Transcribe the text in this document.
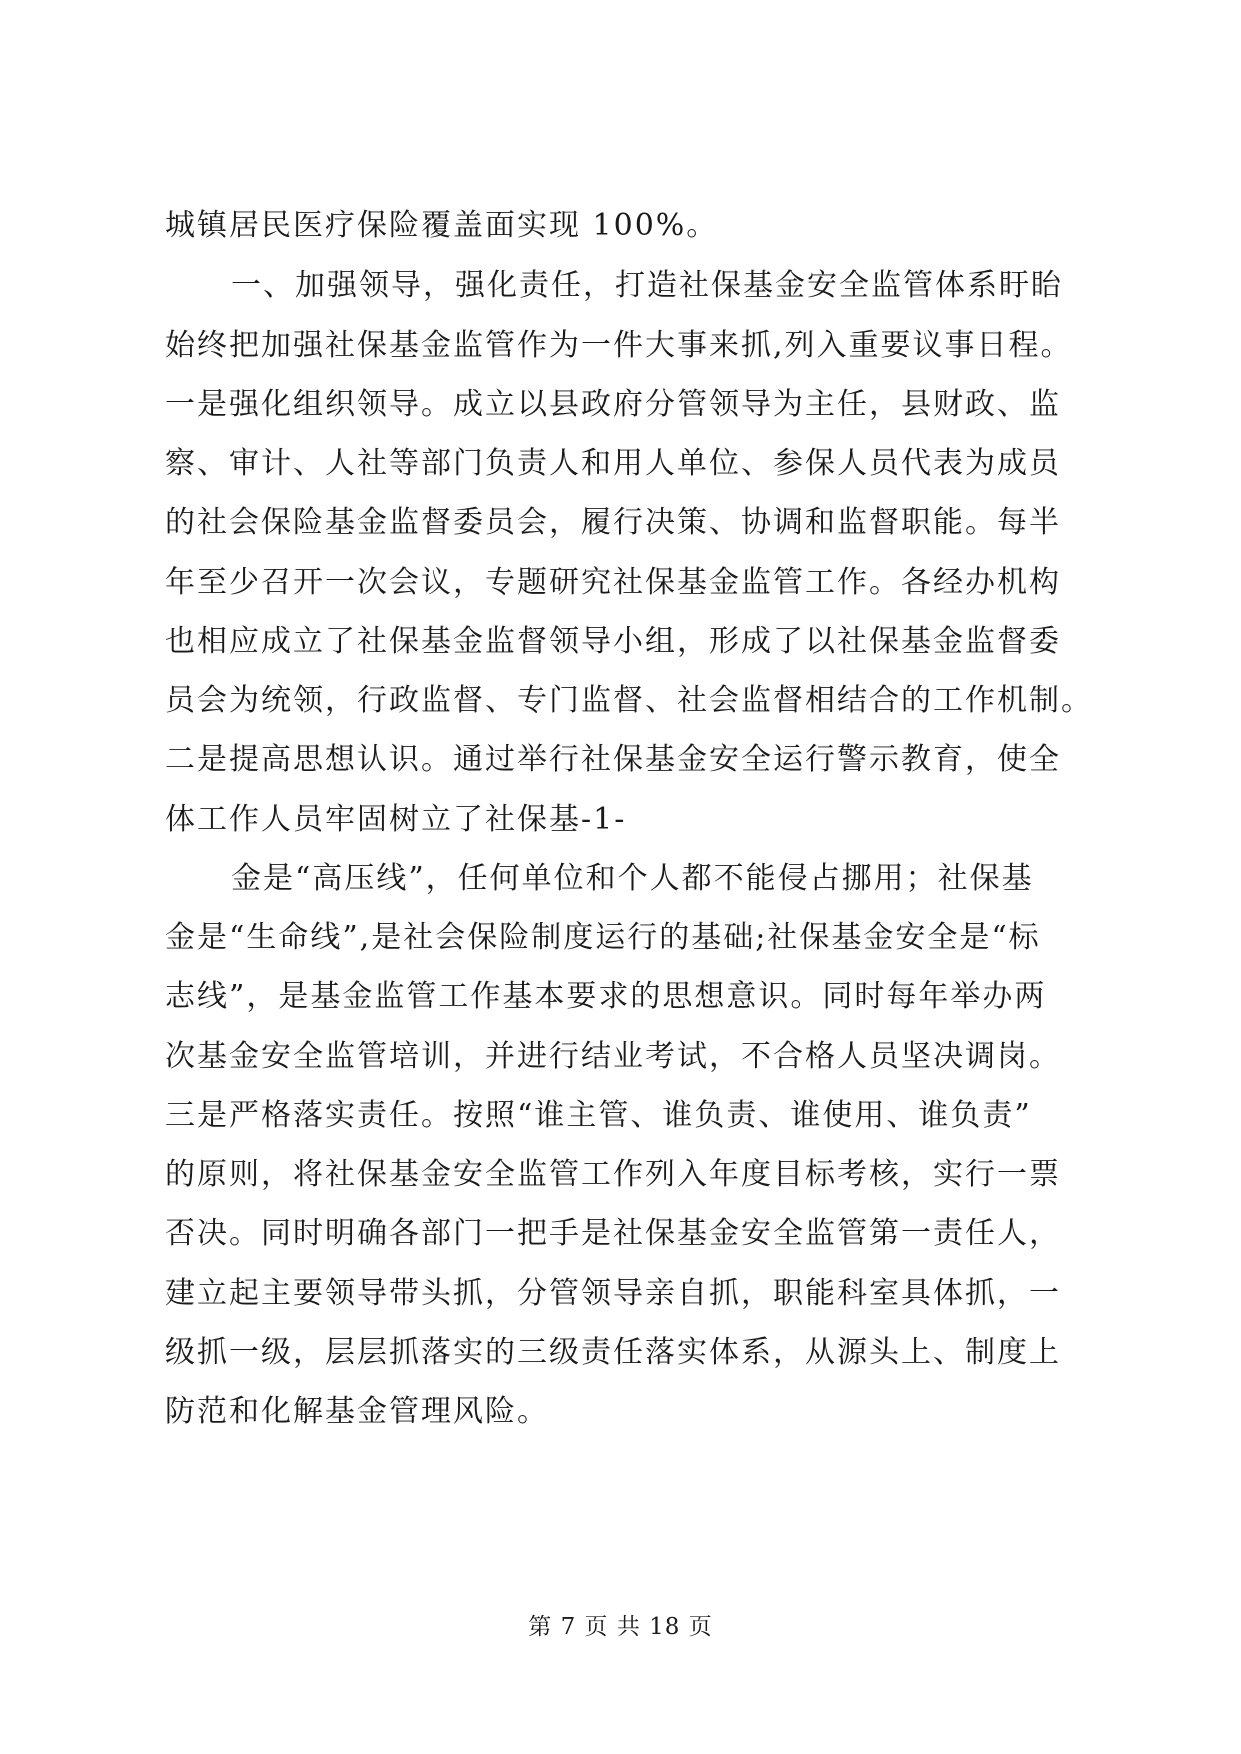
城镇居民医疗保险覆盖面实现 100%。
一、加强领导，强化责任，打造社保基金安全监管体系盱眙
始终把加强社保基金监管作为一件大事来抓,列入重要议事日程。
一是强化组织领导。成立以县政府分管领导为主任，县财政、监
察、审计、人社等部门负责人和用人单位、参保人员代表为成员
的社会保险基金监督委员会，履行决策、协调和监督职能。每半
年至少召开一次会议，专题研究社保基金监管工作。各经办机构
也相应成立了社保基金监督领导小组，形成了以社保基金监督委
员会为统领，行政监督、专门监督、社会监督相结合的工作机制。
二是提高思想认识。通过举行社保基金安全运行警示教育，使全
体工作人员牢固树立了社保基-1-
金是“高压线”，任何单位和个人都不能侵占挪用；社保基
金是“生命线”,是社会保险制度运行的基础;社保基金安全是“标
志线”，是基金监管工作基本要求的思想意识。同时每年举办两
次基金安全监管培训，并进行结业考试，不合格人员坚决调岗。
三是严格落实责任。按照“谁主管、谁负责、谁使用、谁负责”
的原则，将社保基金安全监管工作列入年度目标考核，实行一票
否决。同时明确各部门一把手是社保基金安全监管第一责任人，
建立起主要领导带头抓，分管领导亲自抓，职能科室具体抓，一
级抓一级，层层抓落实的三级责任落实体系，从源头上、制度上
防范和化解基金管理风险。
第 7 页 共 18 页
